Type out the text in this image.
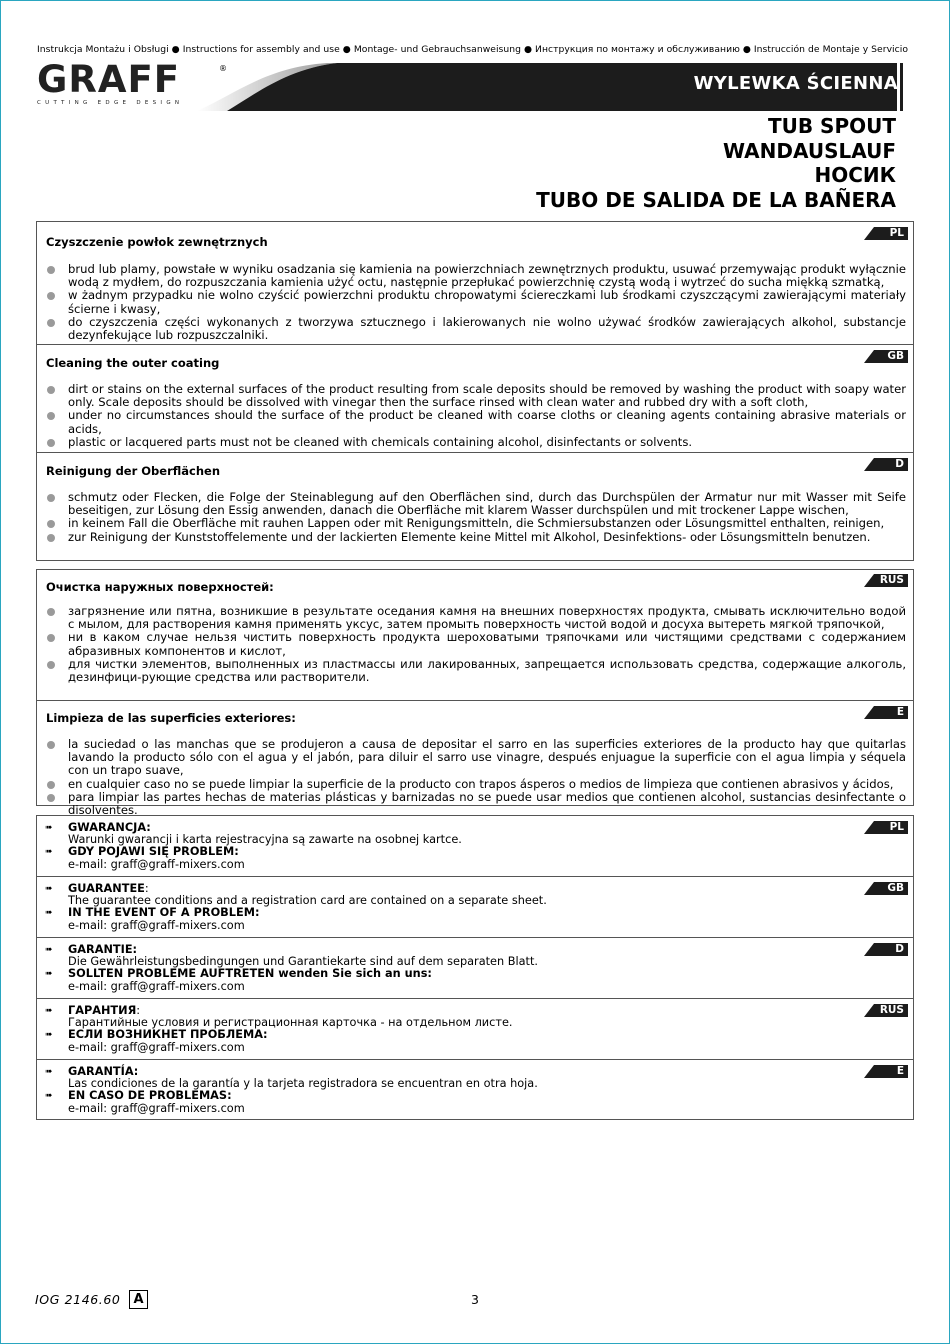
Instrukcja Montażu i Obsługi ● Instructions for assembly and use ● Montage- und Gebrauchsanweisung ● Инструкция по монтажу и обслуживанию ● Instrucción de Montaje y Servicio
GRAFF	®
CUTTING EDGE DESIGN
WYLEWKA ŚCIENNA
TUB SPOUT
WANDAUSLAUF
НОСИК
TUBO DE SALIDA DE LA BAÑERA
Czyszczenie powłok zewnętrznych
PL
brud lub plamy, powstałe w wyniku osadzania się kamienia na powierzchniach zewnętrznych produktu, usuwać przemywając produkt wyłącznie wodą z mydłem, do rozpuszczania kamienia użyć octu, następnie przepłukać powierzchnię czystą wodą i wytrzeć do sucha miękką szmatką,
w żadnym przypadku nie wolno czyścić powierzchni produktu chropowatymi ściereczkami lub środkami czyszczącymi zawierającymi materiały ścierne i kwasy,
do czyszczenia części wykonanych z tworzywa sztucznego i lakierowanych nie wolno używać środków zawierających alkohol, substancje dezynfekujące lub rozpuszczalniki.
Cleaning the outer coating	GB
dirt or stains on the external surfaces of the product resulting from scale deposits should be removed by washing the product with soapy water only. Scale deposits should be dissolved with vinegar then the surface rinsed with clean water and rubbed dry with a soft cloth,
under no circumstances should the surface of the product be cleaned with coarse cloths or cleaning agents containing abrasive materials or acids,
plastic or lacquered parts must not be cleaned with chemicals containing alcohol, disinfectants or solvents.
Reinigung der Oberflächen	D
schmutz oder Flecken, die Folge der Steinablegung auf den Oberflächen sind, durch das Durchspülen der Armatur nur mit Wasser mit Seife beseitigen, zur Lösung den Essig anwenden, danach die Oberfläche mit klarem Wasser durchspülen und mit trockener Lappe wischen,
in keinem Fall die Oberfläche mit rauhen Lappen oder mit Renigungsmitteln, die Schmiersubstanzen oder Lösungsmittel enthalten, reinigen,
zur Reinigung der Kunststoffelemente und der lackierten Elemente keine Mittel mit Alkohol, Desinfektions- oder Lösungsmitteln benutzen.
Очистка наружных поверхностей:	RUS
загрязнение или пятна, возникшие в результате оседания камня на внешних поверхностях продукта, смывать исключительно водой с мылом, для растворения камня применять уксус, затем промыть поверхность чистой водой и досуха вытереть мягкой тряпочкой,
ни в каком случае нельзя чистить поверхность продукта шероховатыми тряпочками или чистящими средствами с содержанием абразивных компонентов и кислот,
для чистки элементов, выполненных из пластмассы или лакированных, запрещается использовать средства, содержащие алкоголь, дезинфици-рующие средства или растворители.
Limpieza de las superficies exteriores:	E
la suciedad o las manchas que se produjeron a causa de depositar el sarro en las superficies exteriores de la producto hay que quitarlas lavando la producto sólo con el agua y el jabón, para diluir el sarro use vinagre, después enjuague la superficie con el agua limpia y séquela con un trapo suave,
en cualquier caso no se puede limpiar la superficie de la producto con trapos ásperos o medios de limpieza que contienen abrasivos y ácidos,
para limpiar las partes hechas de materias plásticas y barnizadas no se puede usar medios que contienen alcohol, sustancias desinfectante o disolventes.
PL
➠ GWARANCJA:
Warunki gwarancji i karta rejestracyjna są zawarte na osobnej kartce.
➠ GDY POJAWI SIĘ PROBLEM:
e-mail: graff@graff-mixers.com
GB
➠ GUARANTEE:
The guarantee conditions and a registration card are contained on a separate sheet.
➠ IN THE EVENT OF A PROBLEM:
e-mail: graff@graff-mixers.com
D
➠ GARANTIE:
Die Gewährleistungsbedingungen und Garantiekarte sind auf dem separaten Blatt.
➠ SOLLTEN PROBLEME AUFTRETEN wenden Sie sich an uns:
e-mail: graff@graff-mixers.com
RUS
➠ ГАРАНТИЯ:
Гарантийные условия и регистрационная карточка - на отдельном листе.
➠ ЕСЛИ ВОЗНИКНЕТ ПРОБЛЕМА:
e-mail: graff@graff-mixers.com
E
➠ GARANTÍA:
Las condiciones de la garantía y la tarjeta registradora se encuentran en otra hoja.
➠ EN CASO DE PROBLEMAS:
e-mail: graff@graff-mixers.com
IOG 2146.60 A	3
